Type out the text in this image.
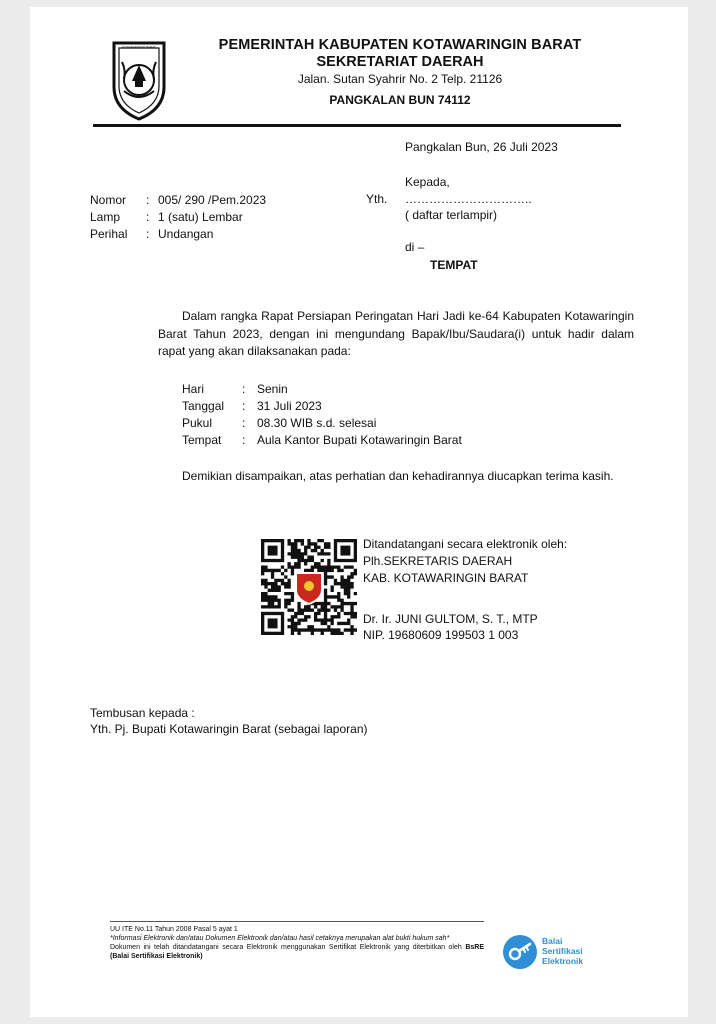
KOTAWARINGIN BARAT	PEMERINTAH KABUPATEN KOTAWARINGIN BARAT
SEKRETARIAT DAERAH
Jalan. Sutan Syahrir No. 2 Telp. 21126
PANGKALAN BUN 74112
Pangkalan Bun, 26 Juli 2023
Kepada,
Yth. …………………………..
( daftar terlampir)
di –
TEMPAT
Nomor	: 005/ 290 /Pem.2023
Lamp	: 1 (satu) Lembar
Perihal	: Undangan
Dalam rangka Rapat Persiapan Peringatan Hari Jadi ke-64 Kabupaten Kotawaringin Barat Tahun 2023, dengan ini mengundang Bapak/Ibu/Saudara(i) untuk hadir dalam rapat yang akan dilaksanakan pada:
Hari	: Senin
Tanggal	: 31 Juli 2023
Pukul	: 08.30 WIB s.d. selesai
Tempat	: Aula Kantor Bupati Kotawaringin Barat
Demikian disampaikan, atas perhatian dan kehadirannya diucapkan terima kasih.
Ditandatangani secara elektronik oleh:
Plh.SEKRETARIS DAERAH
KAB. KOTAWARINGIN BARAT
Dr. Ir. JUNI GULTOM, S. T., MTP
NIP. 19680609 199503 1 003
Tembusan kepada :
Yth. Pj. Bupati Kotawaringin Barat (sebagai laporan)
UU ITE No.11 Tahun 2008 Pasal 5 ayat 1
*Informasi Elektronik dan/atau Dokumen Elektronik dan/atau hasil cetaknya merupakan alat bukti hukum sah*
Dokumen ini telah ditandatangani secara Elektronik menggunakan Sertifikat Elektronik yang diterbitkan oleh BsRE (Balai Sertifikasi Elektronik)
Balai
Sertifikasi
Elektronik
